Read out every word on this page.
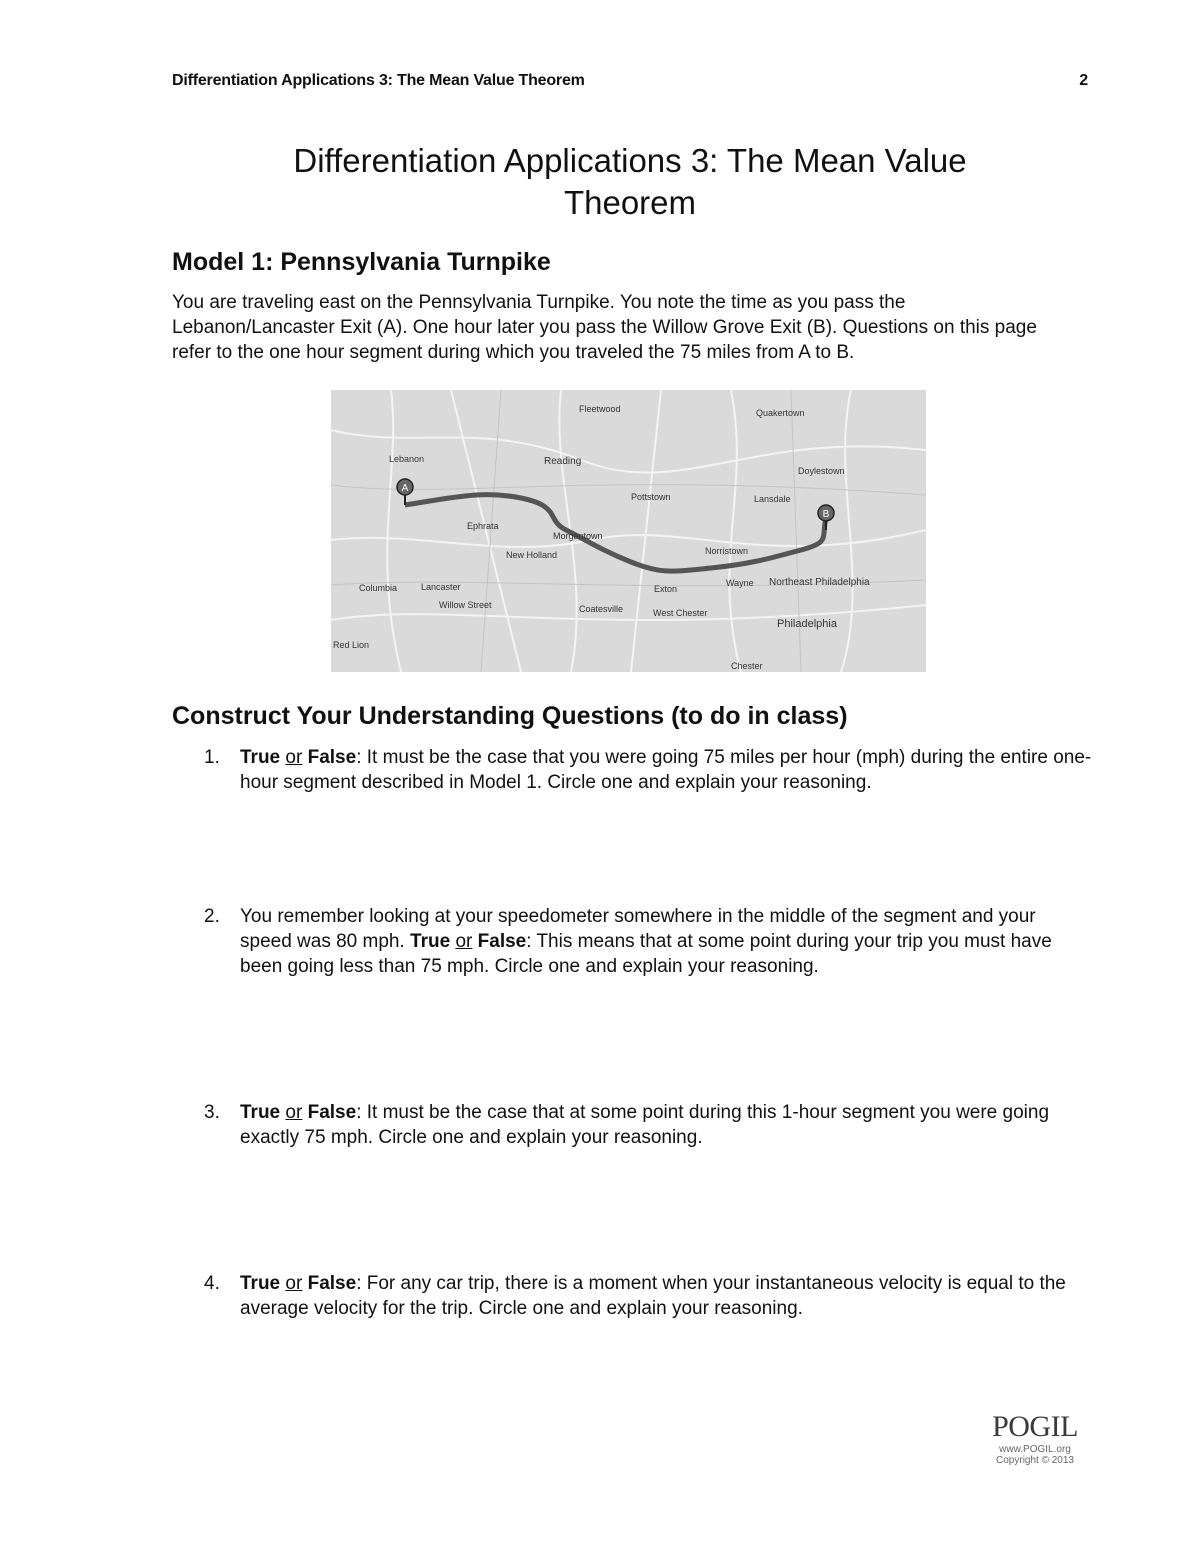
Differentiation Applications 3: The Mean Value Theorem	2
Differentiation Applications 3: The Mean Value
Theorem
Model 1: Pennsylvania Turnpike
You are traveling east on the Pennsylvania Turnpike. You note the time as you pass the Lebanon/Lancaster Exit (A). One hour later you pass the Willow Grove Exit (B). Questions on this page refer to the one hour segment during which you traveled the 75 miles from A to B.
A
B
Fleetwood	Quakertown
Lebanon	Reading
Doylestown
Pottstown	Lansdale
Ephrata
Morgantown
New Holland	Norristown
Lancaster	Exton
West Chester
Philadelphia
Northeast Philadelphia
Columbia
Willow Street	Coatesville
Wayne
Chester
Red Lion
Construct Your Understanding Questions (to do in class)
1. True or False: It must be the case that you were going 75 miles per hour (mph) during the entire one-hour segment described in Model 1. Circle one and explain your reasoning.
2. You remember looking at your speedometer somewhere in the middle of the segment and your speed was 80 mph. True or False: This means that at some point during your trip you must have been going less than 75 mph. Circle one and explain your reasoning.
3. True or False: It must be the case that at some point during this 1-hour segment you were going exactly 75 mph. Circle one and explain your reasoning.
4. True or False: For any car trip, there is a moment when your instantaneous velocity is equal to the average velocity for the trip. Circle one and explain your reasoning.
POGIL
www.POGIL.org
Copyright © 2013
